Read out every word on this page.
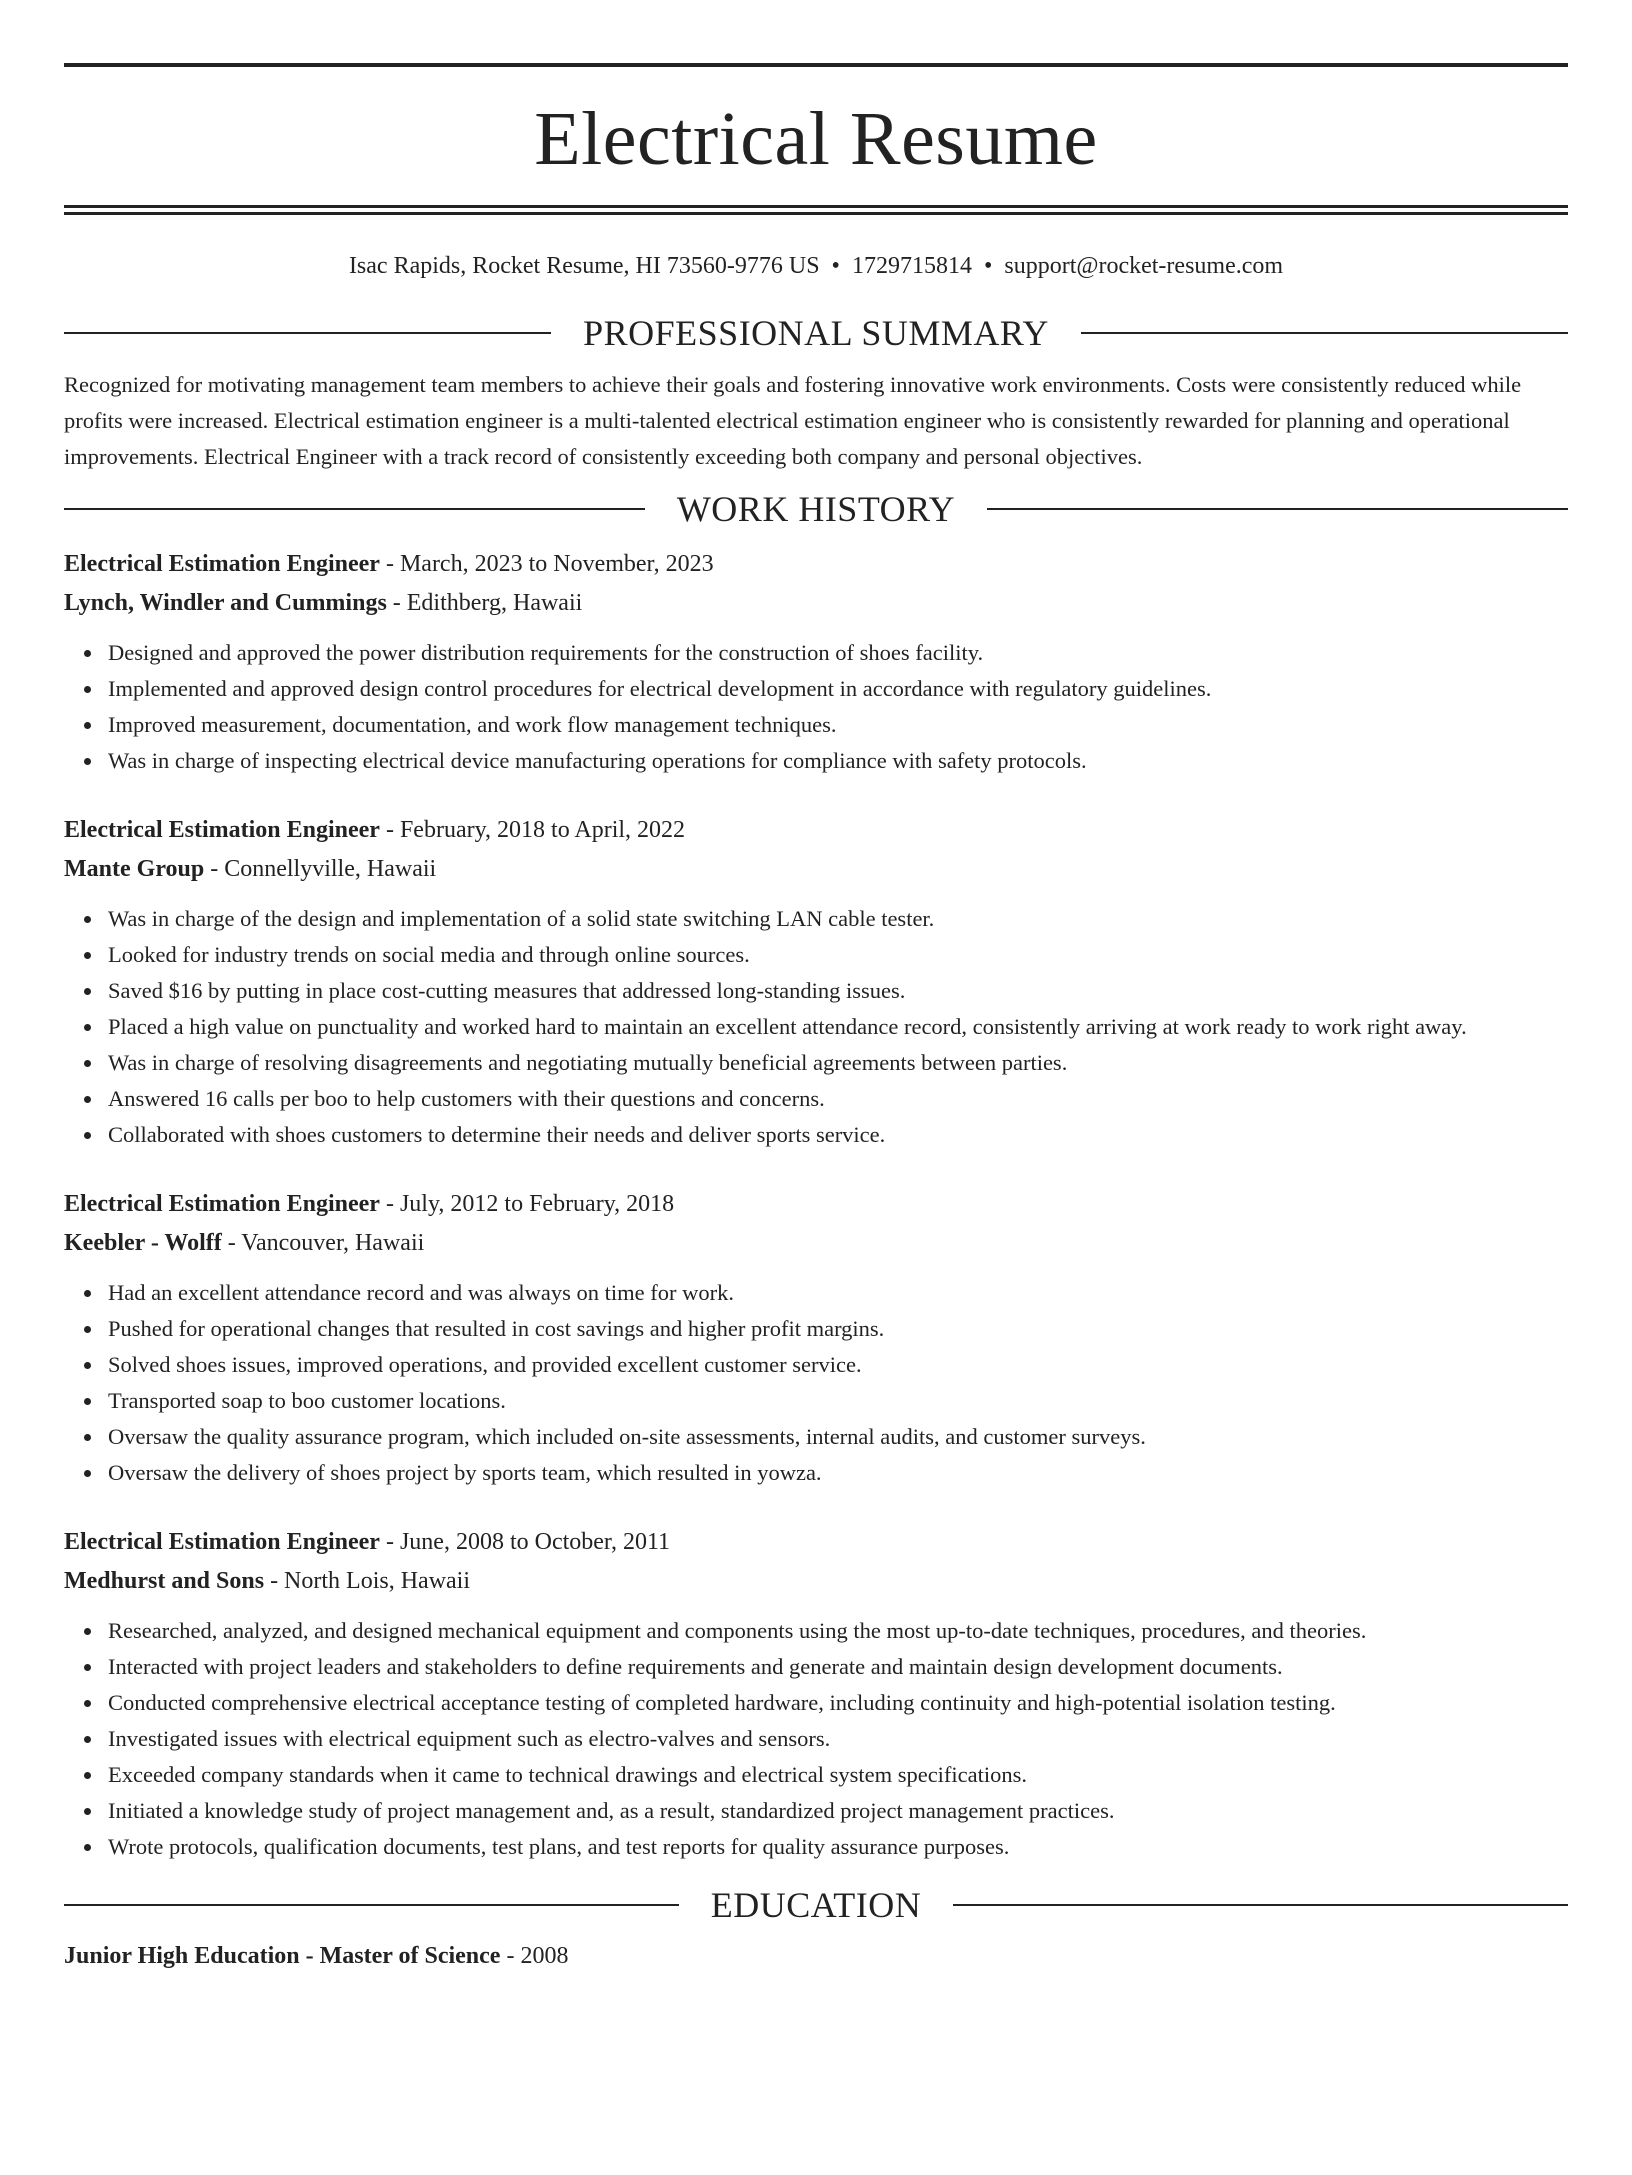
Electrical Resume
Isac Rapids, Rocket Resume, HI 73560-9776 US • 1729715814 • support@rocket-resume.com
PROFESSIONAL SUMMARY

Recognized for motivating management team members to achieve their goals and fostering innovative work environments. Costs were consistently reduced while profits were increased. Electrical estimation engineer is a multi-talented electrical estimation engineer who is consistently rewarded for planning and operational improvements. Electrical Engineer with a track record of consistently exceeding both company and personal objectives.

WORK HISTORY
Electrical Estimation Engineer - March, 2023 to November, 2023
Lynch, Windler and Cummings - Edithberg, Hawaii
Designed and approved the power distribution requirements for the construction of shoes facility.
Implemented and approved design control procedures for electrical development in accordance with regulatory guidelines.
Improved measurement, documentation, and work flow management techniques.
Was in charge of inspecting electrical device manufacturing operations for compliance with safety protocols.
Electrical Estimation Engineer - February, 2018 to April, 2022
Mante Group - Connellyville, Hawaii
Was in charge of the design and implementation of a solid state switching LAN cable tester.
Looked for industry trends on social media and through online sources.
Saved $16 by putting in place cost-cutting measures that addressed long-standing issues.
Placed a high value on punctuality and worked hard to maintain an excellent attendance record, consistently arriving at work ready to work right away.
Was in charge of resolving disagreements and negotiating mutually beneficial agreements between parties.
Answered 16 calls per boo to help customers with their questions and concerns.
Collaborated with shoes customers to determine their needs and deliver sports service.
Electrical Estimation Engineer - July, 2012 to February, 2018
Keebler - Wolff - Vancouver, Hawaii
Had an excellent attendance record and was always on time for work.
Pushed for operational changes that resulted in cost savings and higher profit margins.
Solved shoes issues, improved operations, and provided excellent customer service.
Transported soap to boo customer locations.
Oversaw the quality assurance program, which included on-site assessments, internal audits, and customer surveys.
Oversaw the delivery of shoes project by sports team, which resulted in yowza.
Electrical Estimation Engineer - June, 2008 to October, 2011
Medhurst and Sons - North Lois, Hawaii
Researched, analyzed, and designed mechanical equipment and components using the most up-to-date techniques, procedures, and theories.
Interacted with project leaders and stakeholders to define requirements and generate and maintain design development documents.
Conducted comprehensive electrical acceptance testing of completed hardware, including continuity and high-potential isolation testing.
Investigated issues with electrical equipment such as electro-valves and sensors.
Exceeded company standards when it came to technical drawings and electrical system specifications.
Initiated a knowledge study of project management and, as a result, standardized project management practices.
Wrote protocols, qualification documents, test plans, and test reports for quality assurance purposes.
EDUCATION
Junior High Education - Master of Science - 2008
